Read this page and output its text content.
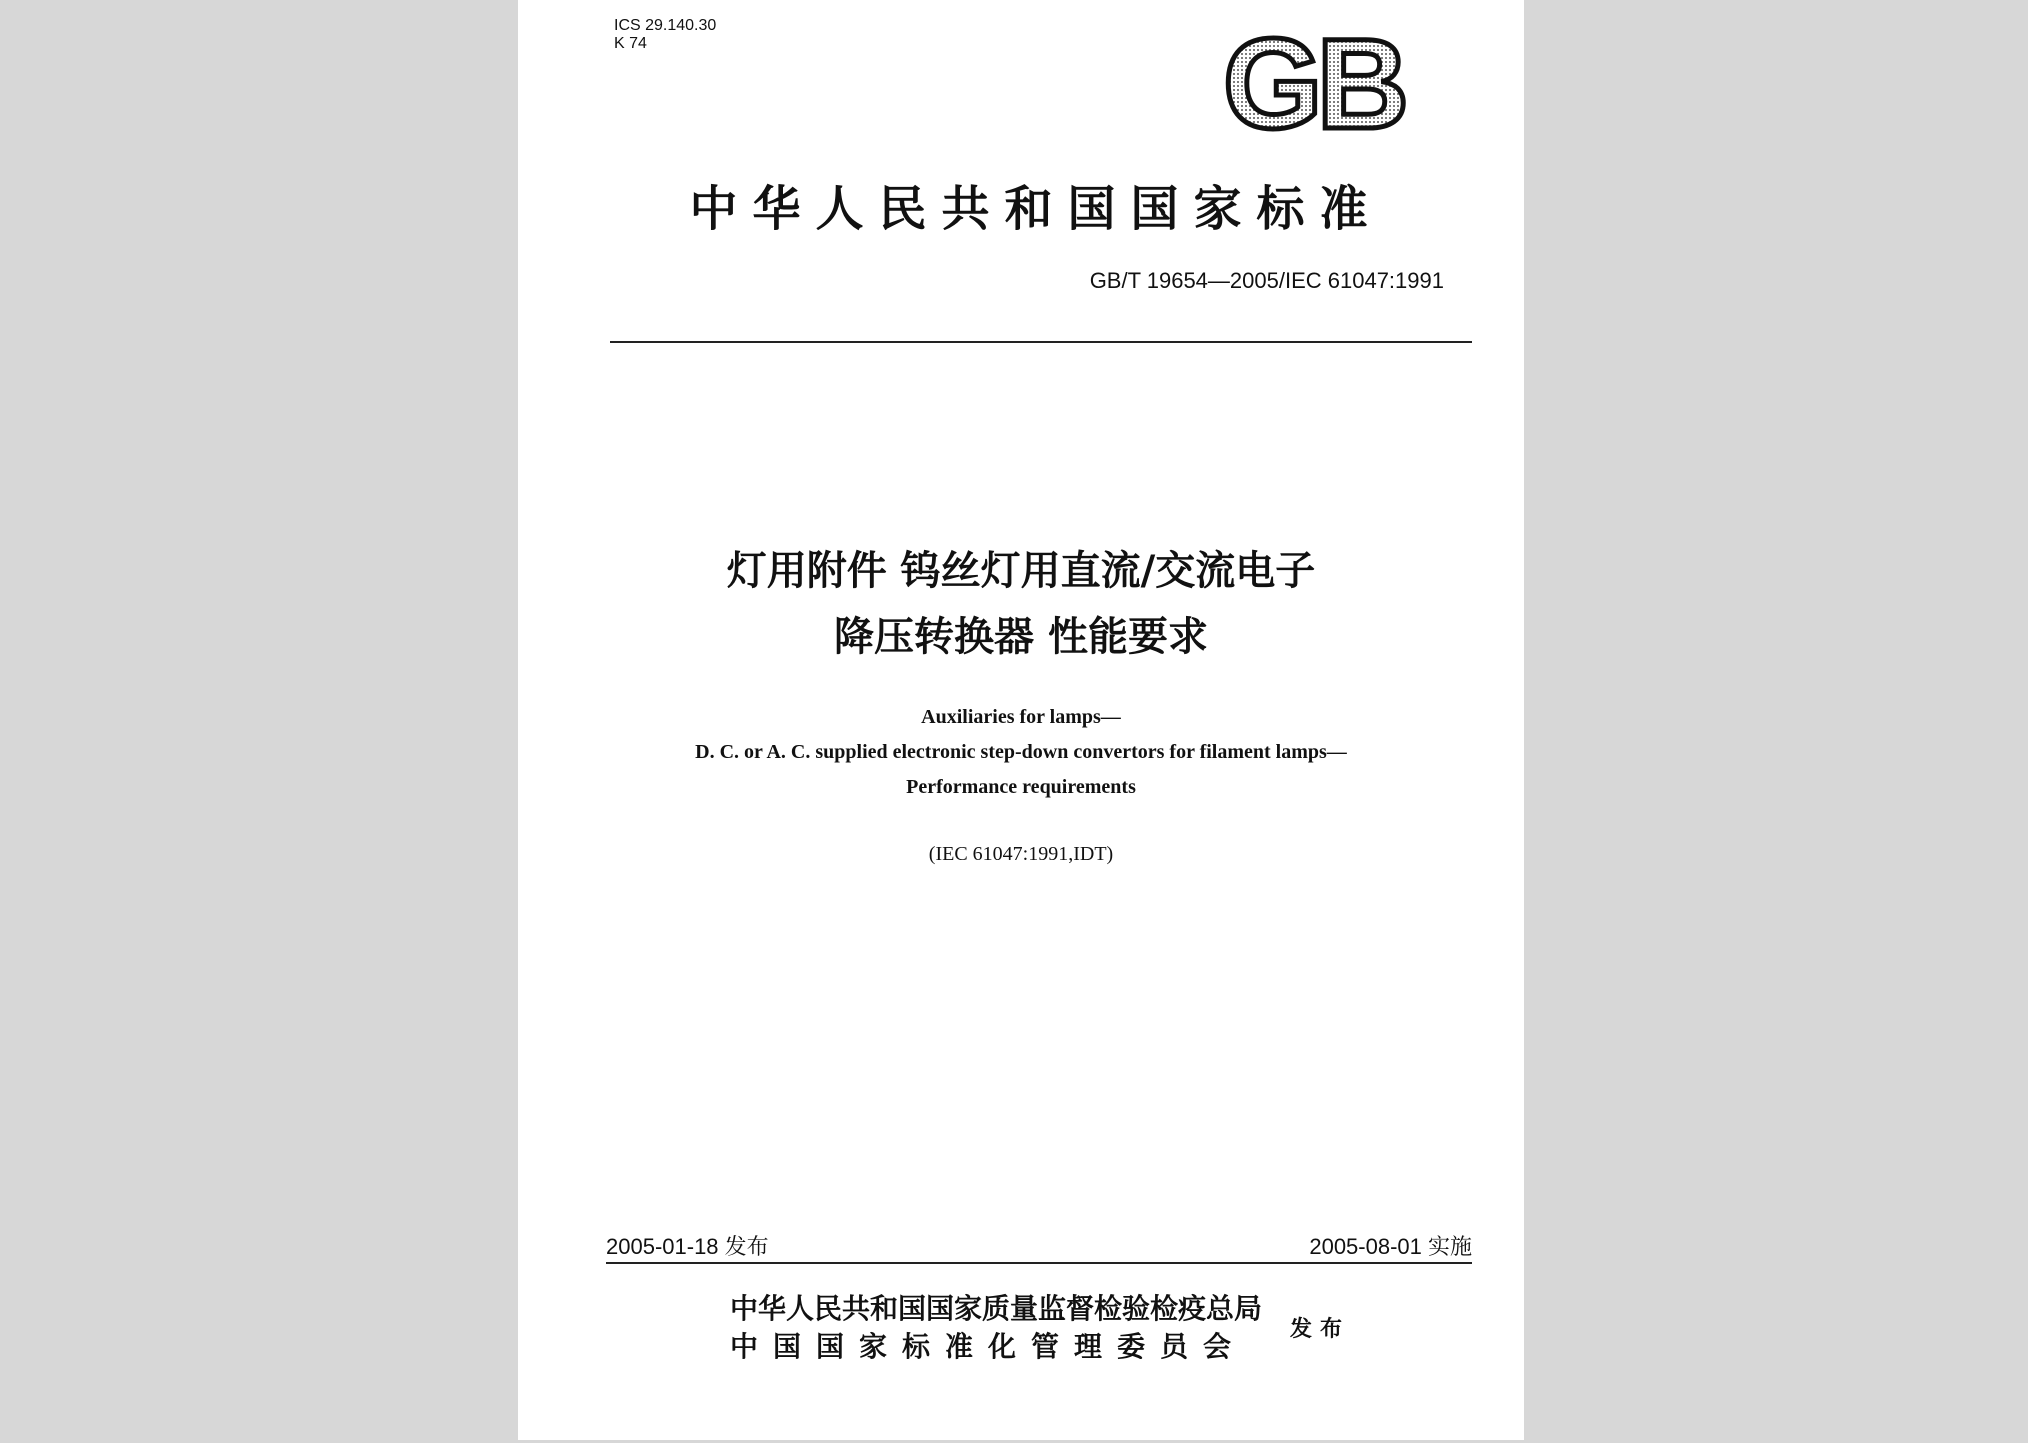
ICS 29.140.30
K 74	GB
中华人民共和国国家标准
GB/T 19654—2005/IEC 61047:1991
灯用附件 钨丝灯用直流/交流电子
降压转换器 性能要求
Auxiliaries for lamps—
D. C. or A. C. supplied electronic step-down convertors for filament lamps—
Performance requirements
(IEC 61047:1991,IDT)
2005-01-18 发布	2005-08-01 实施
中华人民共和国国家质量监督检验检疫总局
中国国家标准化管理委员会
发布
